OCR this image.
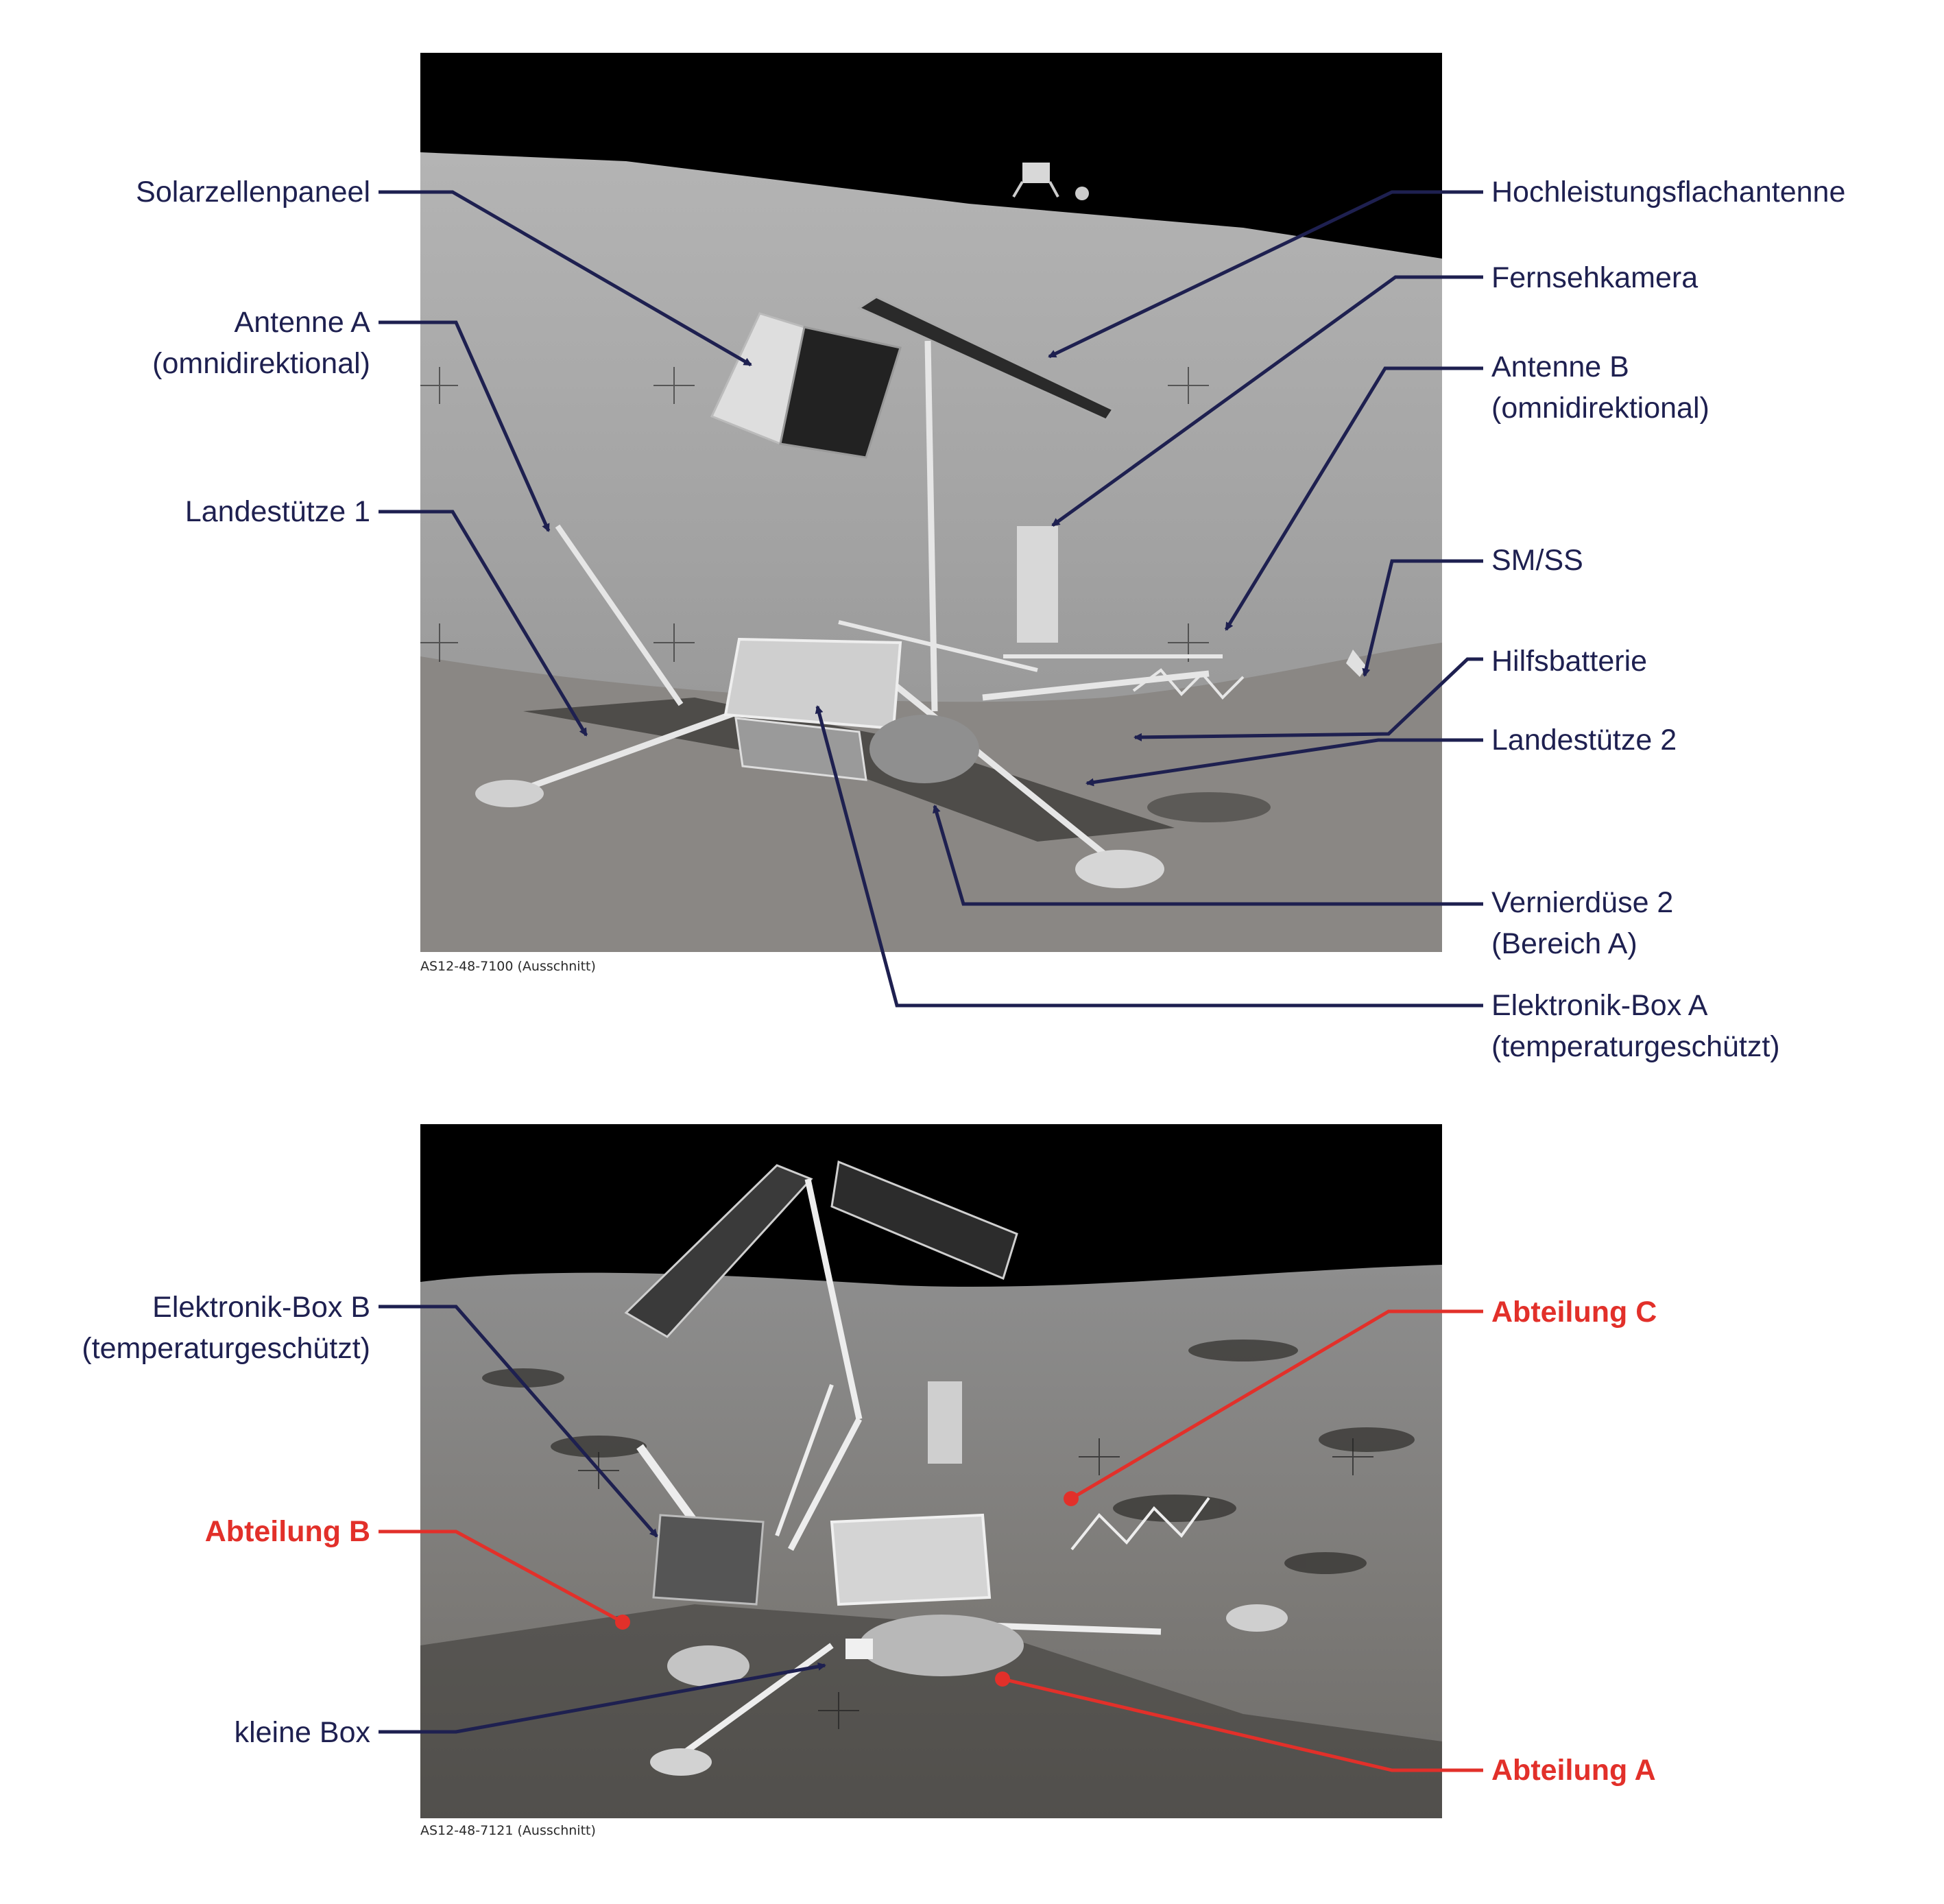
AS12-48-7100 (Ausschnitt)
AS12-48-7121 (Ausschnitt)
Solarzellenpaneel
Antenne A
(omnidirektional)
Landestütze 1
Hochleistungsflachantenne
Fernsehkamera
Antenne B
(omnidirektional)
SM/SS
Hilfsbatterie
Landestütze 2
Vernierdüse 2
(Bereich A)
Elektronik-Box A
(temperaturgeschützt)
Elektronik-Box B
(temperaturgeschützt)
Abteilung B
kleine Box
Abteilung C
Abteilung A
